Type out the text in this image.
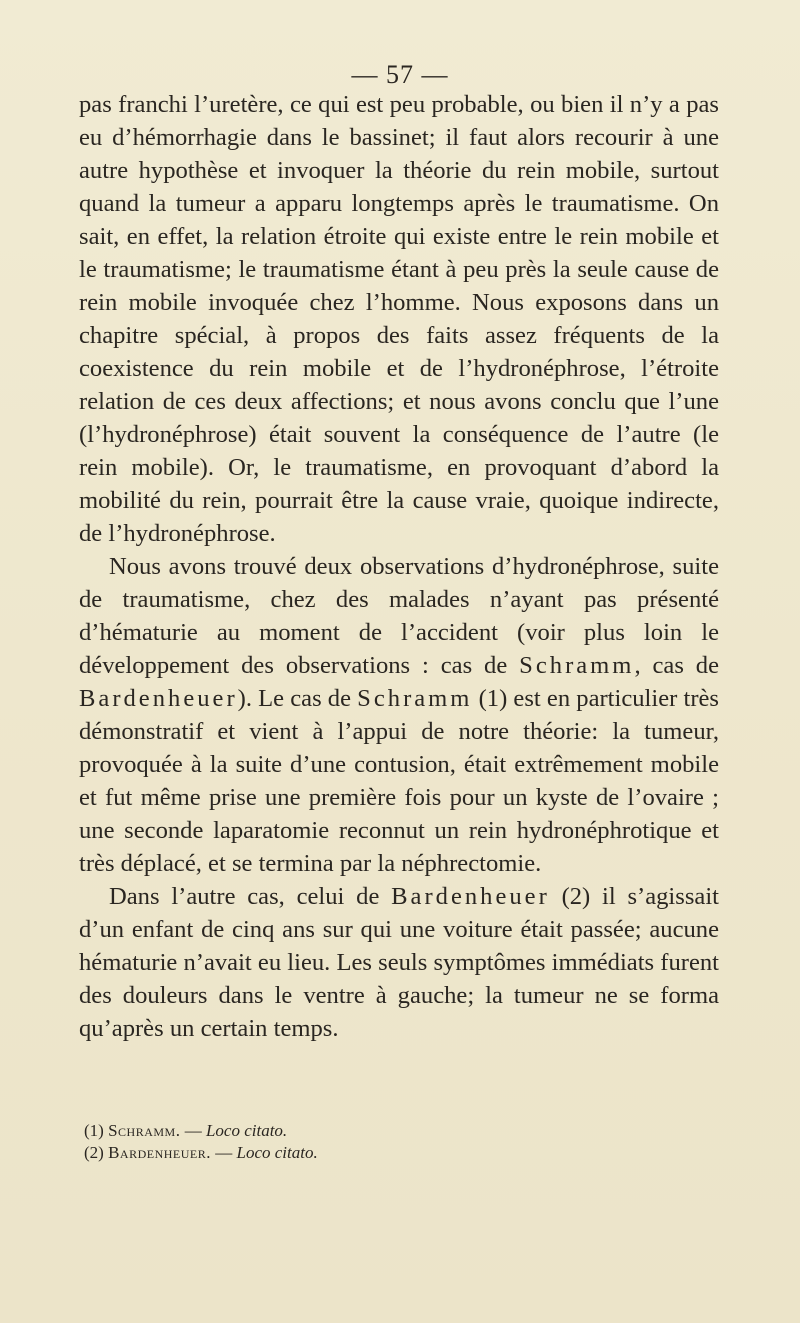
— 57 —

pas franchi l’uretère, ce qui est peu probable, ou bien il n’y a pas eu d’hémorrhagie dans le bassinet; il faut alors recourir à une autre hypothèse et invoquer la théorie du rein mobile, surtout quand la tumeur a apparu longtemps après le traumatisme. On sait, en effet, la relation étroite qui existe entre le rein mobile et le traumatisme; le traumatisme étant à peu près la seule cause de rein mobile invoquée chez l’homme. Nous exposons dans un chapitre spécial, à propos des faits assez fréquents de la coexistence du rein mobile et de l’hydronéphrose, l’étroite relation de ces deux affections; et nous avons conclu que l’une (l’hydronéphrose) était souvent la conséquence de l’autre (le rein mobile). Or, le traumatisme, en provoquant d’abord la mobilité du rein, pourrait être la cause vraie, quoique indirecte, de l’hydronéphrose.

Nous avons trouvé deux observations d’hydronéphrose, suite de traumatisme, chez des malades n’ayant pas présenté d’hématurie au moment de l’accident (voir plus loin le développement des observations : cas de Schramm, cas de Bardenheuer). Le cas de Schramm (1) est en particulier très démonstratif et vient à l’appui de notre théorie: la tumeur, provoquée à la suite d’une contusion, était extrêmement mobile et fut même prise une première fois pour un kyste de l’ovaire ; une seconde laparatomie reconnut un rein hydronéphrotique et très déplacé, et se termina par la néphrectomie.

Dans l’autre cas, celui de Bardenheuer (2) il s’agissait d’un enfant de cinq ans sur qui une voiture était passée; aucune hématurie n’avait eu lieu. Les seuls symptômes immédiats furent des douleurs dans le ventre à gauche; la tumeur ne se forma qu’après un certain temps.

(1) Schramm. — Loco citato.

(2) Bardenheuer. — Loco citato.
